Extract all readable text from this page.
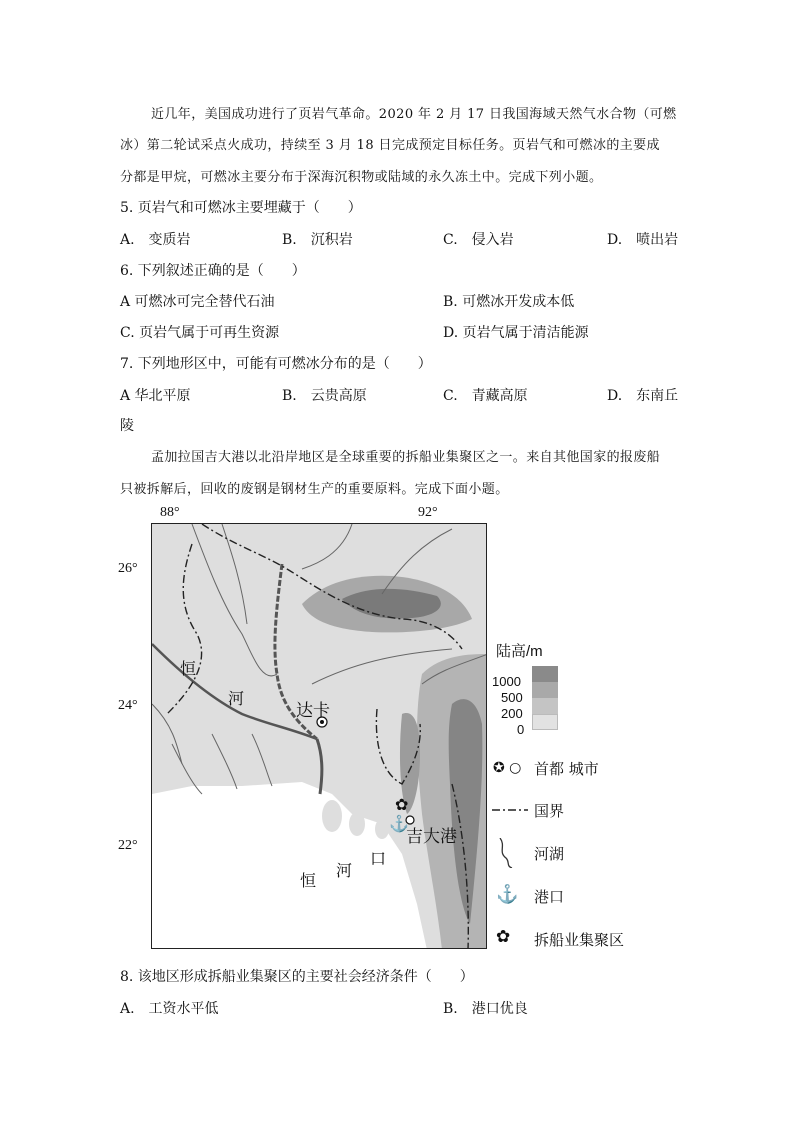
近几年，美国成功进行了页岩气革命。2020 年 2 月 17 日我国海域天然气水合物（可燃
冰）第二轮试采点火成功，持续至 3 月 18 日完成预定目标任务。页岩气和可燃冰的主要成
分都是甲烷，可燃冰主要分布于深海沉积物或陆域的永久冻土中。完成下列小题。
5. 页岩气和可燃冰主要埋藏于（　　）
A.　变质岩	B.　沉积岩	C.　侵入岩	D.　喷出岩
6. 下列叙述正确的是（　　）
A 可燃冰可完全替代石油	B. 可燃冰开发成本低
C. 页岩气属于可再生资源	D. 页岩气属于清洁能源
7. 下列地形区中，可能有可燃冰分布的是（　　）
A 华北平原	B.　云贵高原	C.　青藏高原	D.　东南丘
陵
孟加拉国吉大港以北沿岸地区是全球重要的拆船业集聚区之一。来自其他国家的报废船
只被拆解后，回收的废钢是钢材生产的重要原料。完成下面小题。
88°	92°
26°
24°
22°
✿
⚓
恒
河
达卡
吉大港
恒
河
口
陆高/m
1000
500
200
0
✪ ○ 首都 城市
国界
河湖
⚓ 港口
✿ 拆船业集聚区
8. 该地区形成拆船业集聚区的主要社会经济条件（　　）
A.　工资水平低	B.　港口优良
